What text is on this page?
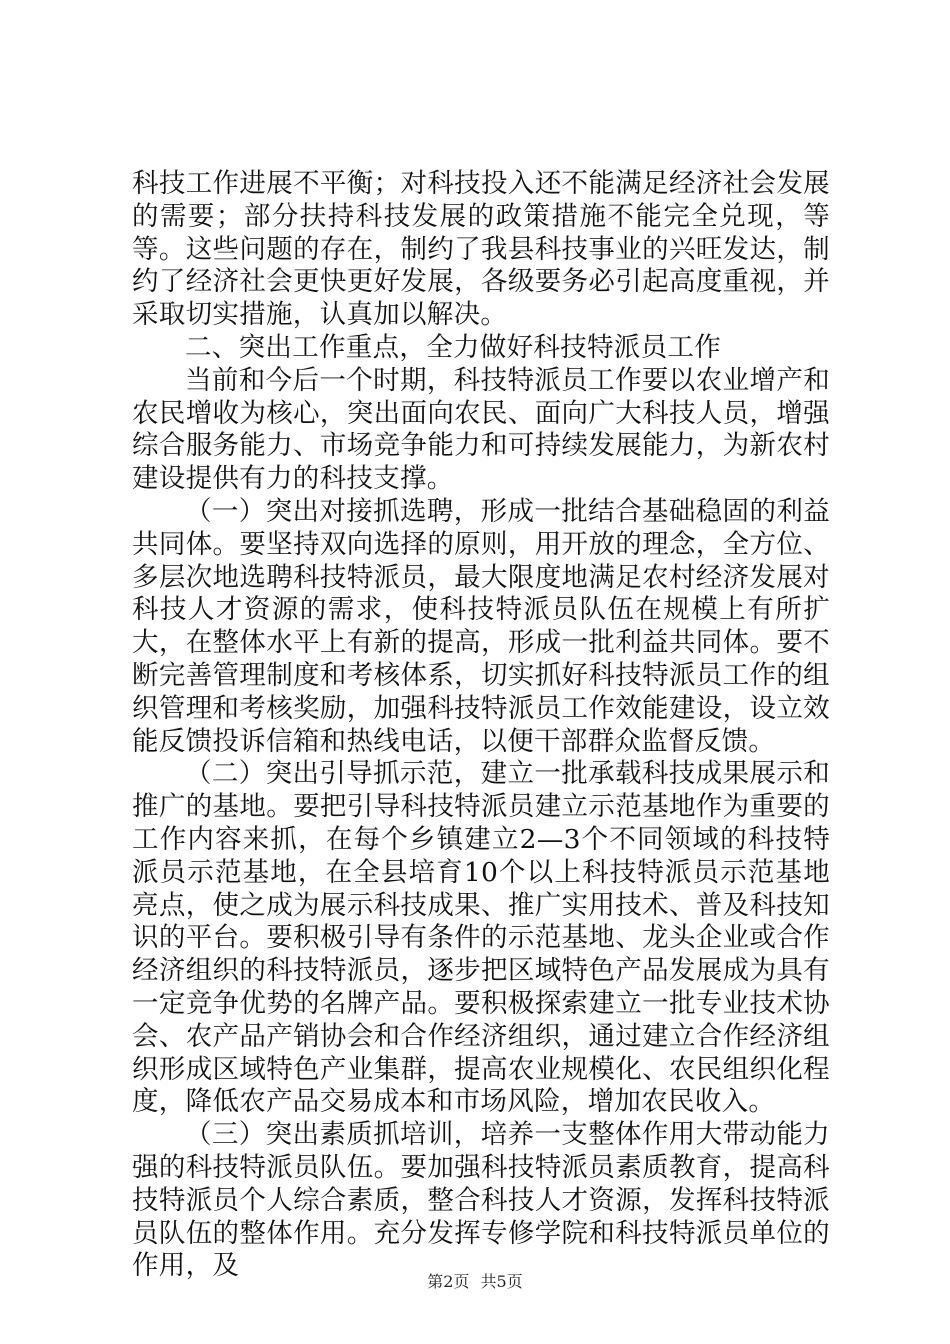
科技工作进展不平衡；对科技投入还不能满足经济社会发展的需要；部分扶持科技发展的政策措施不能完全兑现，等等。这些问题的存在，制约了我县科技事业的兴旺发达，制约了经济社会更快更好发展，各级要务必引起高度重视，并采取切实措施，认真加以解决。

二、突出工作重点，全力做好科技特派员工作

当前和今后一个时期，科技特派员工作要以农业增产和农民增收为核心，突出面向农民、面向广大科技人员，增强综合服务能力、市场竞争能力和可持续发展能力，为新农村建设提供有力的科技支撑。

（一）突出对接抓选聘，形成一批结合基础稳固的利益共同体。要坚持双向选择的原则，用开放的理念，全方位、多层次地选聘科技特派员，最大限度地满足农村经济发展对科技人才资源的需求，使科技特派员队伍在规模上有所扩大，在整体水平上有新的提高，形成一批利益共同体。要不断完善管理制度和考核体系，切实抓好科技特派员工作的组织管理和考核奖励，加强科技特派员工作效能建设，设立效能反馈投诉信箱和热线电话，以便干部群众监督反馈。

（二）突出引导抓示范，建立一批承载科技成果展示和推广的基地。要把引导科技特派员建立示范基地作为重要的工作内容来抓，在每个乡镇建立2—3个不同领域的科技特派员示范基地，在全县培育10个以上科技特派员示范基地亮点，使之成为展示科技成果、推广实用技术、普及科技知识的平台。要积极引导有条件的示范基地、龙头企业或合作经济组织的科技特派员，逐步把区域特色产品发展成为具有一定竞争优势的名牌产品。要积极探索建立一批专业技术协会、农产品产销协会和合作经济组织，通过建立合作经济组织形成区域特色产业集群，提高农业规模化、农民组织化程度，降低农产品交易成本和市场风险，增加农民收入。

（三）突出素质抓培训，培养一支整体作用大带动能力强的科技特派员队伍。要加强科技特派员素质教育，提高科技特派员个人综合素质，整合科技人才资源，发挥科技特派员队伍的整体作用。充分发挥专修学院和科技特派员单位的作用，及

第2页 共5页
